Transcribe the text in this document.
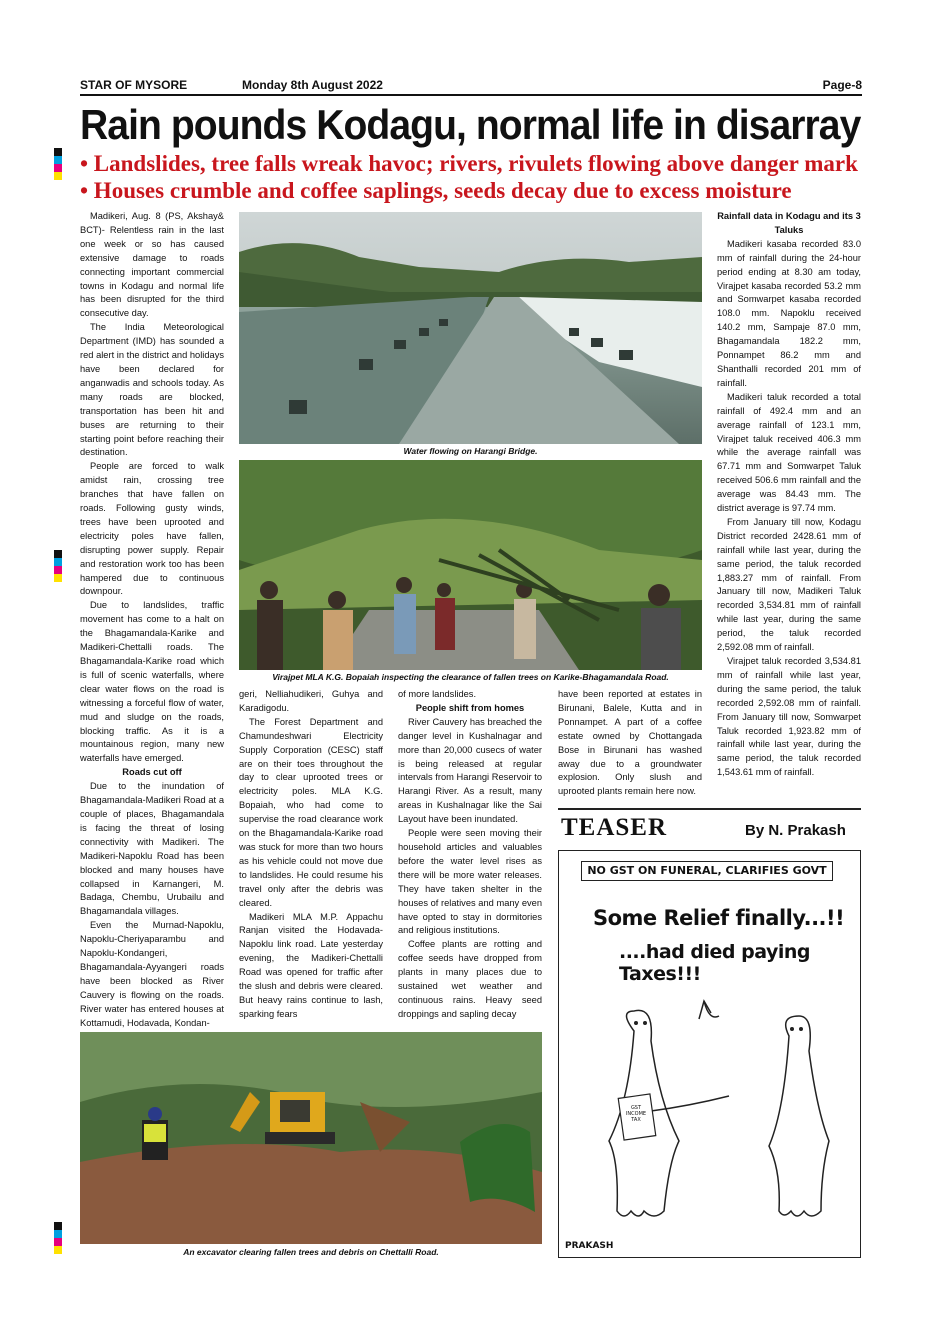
STAR OF MYSORE	Monday 8th August 2022	Page-8
Rain pounds Kodagu, normal life in disarray
• Landslides, tree falls wreak havoc; rivers, rivulets flowing above danger mark
• Houses crumble and coffee saplings, seeds decay due to excess moisture

Madikeri, Aug. 8 (PS, Akshay& BCT)- Relentless rain in the last one week or so has caused extensive damage to roads connecting important commercial towns in Kodagu and normal life has been disrupted for the third consecutive day.

The India Meteorological Department (IMD) has sounded a red alert in the district and holidays have been declared for anganwadis and schools today. As many roads are blocked, transportation has been hit and buses are returning to their starting point before reaching their destination.

People are forced to walk amidst rain, crossing tree branches that have fallen on roads. Following gusty winds, trees have been uprooted and electricity poles have fallen, disrupting power supply. Repair and restoration work too has been hampered due to continuous downpour.

Due to landslides, traffic movement has come to a halt on the Bhagamandala-Karike and Madikeri-Chettalli roads. The Bhagamandala-Karike road which is full of scenic waterfalls, where clear water flows on the road is witnessing a forceful flow of water, mud and sludge on the roads, blocking traffic. As it is a mountainous region, many new waterfalls have emerged.

Roads cut off

Due to the inundation of Bhagamandala-Madikeri Road at a couple of places, Bhagamandala is facing the threat of losing connectivity with Madikeri. The Madikeri-Napoklu Road has been blocked and many houses have collapsed in Karnangeri, M. Badaga, Chembu, Urubailu and Bhagamandala villages.

Even the Murnad-Napoklu, Napoklu-Cheriyaparambu and Napoklu-Kondangeri, Bhagamandala-Ayyangeri roads have been blocked as River Cauvery is flowing on the roads. River water has entered houses at Kottamudi, Hodavada, Kondan-

Water flowing on Harangi Bridge.
Virajpet MLA K.G. Bopaiah inspecting the clearance of fallen trees on Karike-Bhagamandala Road.

geri, Nelliahudikeri, Guhya and Karadigodu.

The Forest Department and Chamundeshwari Electricity Supply Corporation (CESC) staff are on their toes throughout the day to clear uprooted trees or electricity poles. MLA K.G. Bopaiah, who had come to supervise the road clearance work on the Bhagamandala-Karike road was stuck for more than two hours as his vehicle could not move due to landslides. He could resume his travel only after the debris was cleared.

Madikeri MLA M.P. Appachu Ranjan visited the Hodavada-Napoklu link road. Late yesterday evening, the Madikeri-Chettalli Road was opened for traffic after the slush and debris were cleared. But heavy rains continue to lash, sparking fears

of more landslides.

People shift from homes

River Cauvery has breached the danger level in Kushalnagar and more than 20,000 cusecs of water is being released at regular intervals from Harangi Reservoir to Harangi River. As a result, many areas in Kushalnagar like the Sai Layout have been inundated.

People were seen moving their household articles and valuables before the water level rises as there will be more water releases. They have taken shelter in the houses of relatives and many even have opted to stay in dormitories and religious institutions.

Coffee plants are rotting and coffee seeds have dropped from plants in many places due to sustained wet weather and continuous rains. Heavy seed droppings and sapling decay

have been reported at estates in Birunani, Balele, Kutta and in Ponnampet. A part of a coffee estate owned by Chottangada Bose in Birunani has washed away due to a groundwater explosion. Only slush and uprooted plants remain here now.

Rainfall data in Kodagu and its 3 Taluks

Madikeri kasaba recorded 83.0 mm of rainfall during the 24-hour period ending at 8.30 am today, Virajpet kasaba recorded 53.2 mm and Somwarpet kasaba recorded 108.0 mm. Napoklu received 140.2 mm, Sampaje 87.0 mm, Bhagamandala 182.2 mm, Ponnampet 86.2 mm and Shanthalli recorded 201 mm of rainfall.

Madikeri taluk recorded a total rainfall of 492.4 mm and an average rainfall of 123.1 mm, Virajpet taluk received 406.3 mm while the average rainfall was 67.71 mm and Somwarpet Taluk received 506.6 mm rainfall and the average was 84.43 mm. The district average is 97.74 mm.

From January till now, Kodagu District recorded 2428.61 mm of rainfall while last year, during the same period, the taluk recorded 1,883.27 mm of rainfall. From January till now, Madikeri Taluk recorded 3,534.81 mm of rainfall while last year, during the same period, the taluk recorded 2,592.08 mm of rainfall.

Virajpet taluk recorded 3,534.81 mm of rainfall while last year, during the same period, the taluk recorded 2,592.08 mm of rainfall. From January till now, Somwarpet Taluk recorded 1,923.82 mm of rainfall while last year, during the same period, the taluk recorded 1,543.61 mm of rainfall.

An excavator clearing fallen trees and debris on Chettalli Road.
TEASER	By N. Prakash
NO GST ON FUNERAL, CLARIFIES GOVT
Some Relief finally...!!
....had died paying Taxes!!!
GST INCOME TAX
PRAKASH
